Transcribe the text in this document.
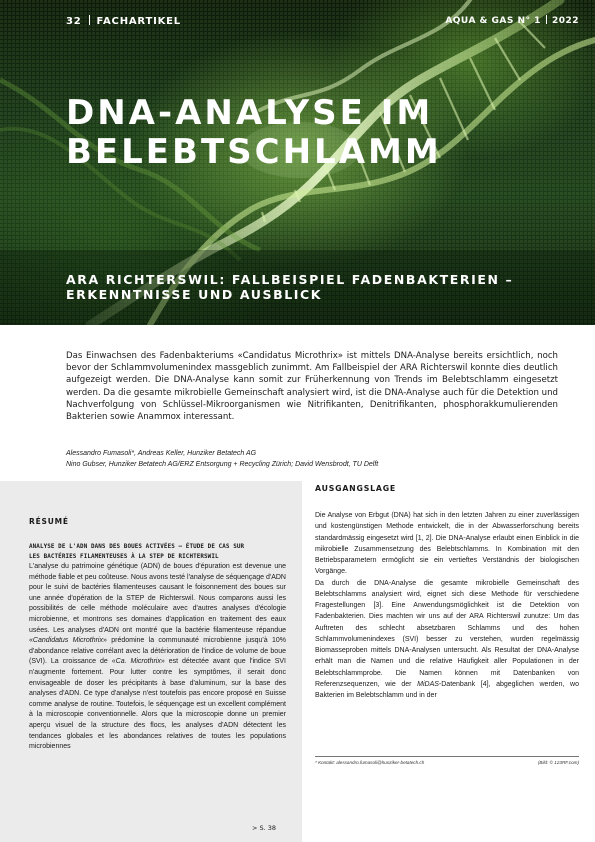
32 FACHARTIKEL	AQUA & GAS N° 1 2022
DNA-ANALYSE IM
BELEBTSCHLAMM
ARA RICHTERSWIL: FALLBEISPIEL FADENBAKTERIEN –
ERKENNTNISSE UND AUSBLICK

Das Einwachsen des Fadenbakteriums «Candidatus Microthrix» ist mittels DNA-Analyse bereits ersichtlich, noch bevor der Schlammvolumenindex massgeblich zunimmt. Am Fallbeispiel der ARA Richterswil konnte dies deutlich aufgezeigt werden. Die DNA-Analyse kann somit zur Früherkennung von Trends im Belebtschlamm eingesetzt werden. Da die gesamte mikrobielle Gemeinschaft analysiert wird, ist die DNA-Analyse auch für die Detektion und Nachverfolgung von Schlüssel-Mikroorganismen wie Nitrifikanten, Denitrifikanten, phosphorakkumulierenden Bakterien sowie Anammox interessant.

Alessandro Fumasoli*, Andreas Keller, Hunziker Betatech AG
Nino Gubser, Hunziker Betatech AG/ERZ Entsorgung + Recycling Zürich; David Wensbrodt, TU Delft
RÉSUMÉ
ANALYSE DE L'ADN DANS DES BOUES ACTIVÉES – ÉTUDE DE CAS SUR
LES BACTÉRIES FILAMENTEUSES À LA STEP DE RICHTERSWIL

L'analyse du patrimoine génétique (ADN) de boues d'épuration est devenue une méthode fiable et peu coûteuse. Nous avons testé l'analyse de séquençage d'ADN pour le suivi de bactéries filamenteuses causant le foisonnement des boues sur une année d'opération de la STEP de Richterswil. Nous comparons aussi les possibilités de celle méthode moléculaire avec d'autres analyses d'écologie microbienne, et montrons ses domaines d'application en traitement des eaux usées. Les analyses d'ADN ont montré que la bactérie filamenteuse répandue «Candidatus Microthrix» prédomine la communauté microbienne jusqu'à 10% d'abondance relative corrélant avec la détérioration de l'indice de volume de boue (SVI). La croissance de «Ca. Microthrix» est détectée avant que l'indice SVI n'augmente fortement. Pour lutter contre les symptômes, il serait donc envisageable de doser les précipitants à base d'aluminum, sur la base des analyses d'ADN. Ce type d'analyse n'est toutefois pas encore proposé en Suisse comme analyse de routine. Toutefois, le séquençage est un excellent complément à la microscopie conventionnelle. Alors que la microscopie donne un premier aperçu visuel de la structure des flocs, les analyses d'ADN détectent les tendances globales et les abondances relatives de toutes les populations microbiennes

> S. 38
AUSGANGSLAGE

Die Analyse von Erbgut (DNA) hat sich in den letzten Jahren zu einer zuverlässigen und kostengünstigen Methode entwickelt, die in der Abwasserforschung bereits standardmässig eingesetzt wird [1, 2]. Die DNA-Analyse erlaubt einen Einblick in die mikrobielle Zusammensetzung des Belebtschlamms. In Kombination mit den Betriebsparametern ermöglicht sie ein vertieftes Verständnis der biologischen Vorgänge.

Da durch die DNA-Analyse die gesamte mikrobielle Gemeinschaft des Belebtschlamms analysiert wird, eignet sich diese Methode für verschiedene Fragestellungen [3]. Eine Anwendungsmöglichkeit ist die Detektion von Fadenbakterien. Dies machten wir uns auf der ARA Richterswil zunutze: Um das Auftreten des schlecht absetzbaren Schlamms und des hohen Schlammvolumenindexes (SVI) besser zu verstehen, wurden regelmässig Biomasseproben mittels DNA-Analysen untersucht. Als Resultat der DNA-Analyse erhält man die Namen und die relative Häufigkeit aller Populationen in der Belebtschlammprobe. Die Namen können mit Datenbanken von Referenzsequenzen, wie der MiDAS-Datenbank [4], abgeglichen werden, wo Bakterien im Belebtschlamm und in der

* Kontakt: alessandro.fumasoli@hunziker-betatech.ch	(Bild: © 123RF.com)
